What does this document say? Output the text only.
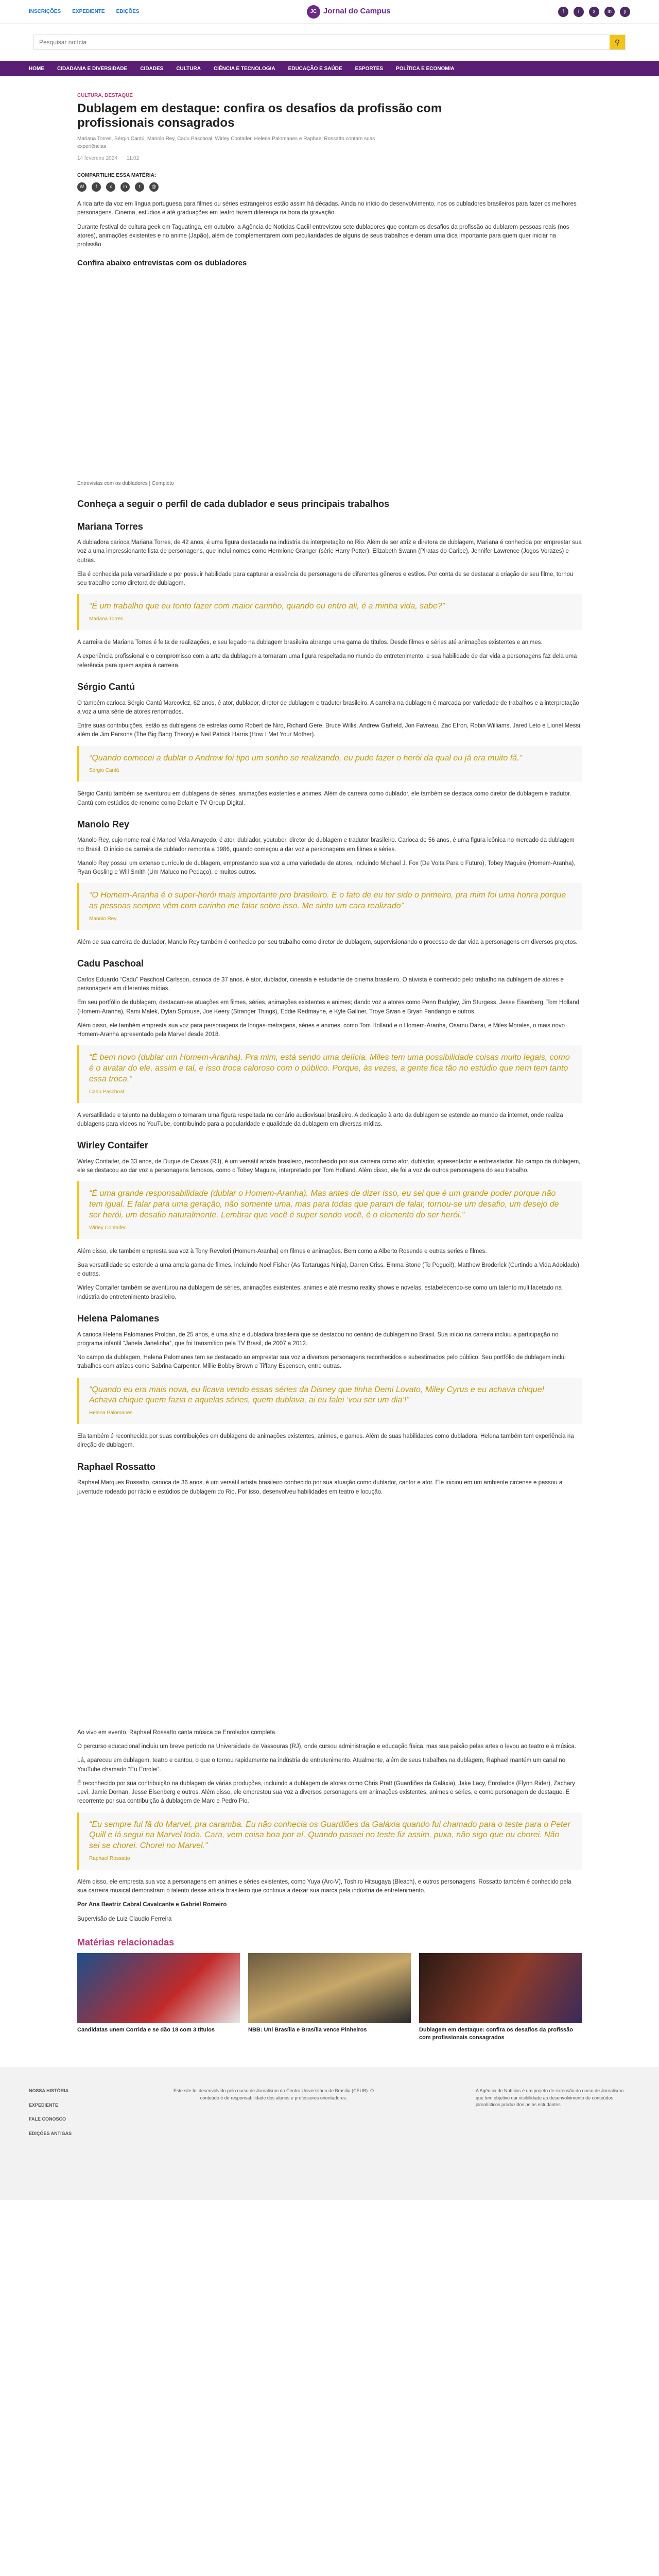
INSCRIÇÕES EXPEDIENTE EDIÇÕES	JC Jornal do Campus	f	i	x	in	y
Pesquisar notícia
⚲
HOME	CIDADANIA E DIVERSIDADE	CIDADES	CULTURA	CIÊNCIA E TECNOLOGIA	EDUCAÇÃO E SAÚDE	ESPORTES	POLÍTICA E ECONOMIA
CULTURA, DESTAQUE
Dublagem em destaque: confira os desafios da profissão com profissionais consagrados
Mariana Torres, Sérgio Cantú, Manolo Rey, Cadu Paschoal, Wirley Contaifer, Helena Palomanes e Raphael Rossatto contam suas experiências
14 fevereiro 2024 11:02
COMPARTILHE ESSA MATÉRIA:
W	f	x	in	t	@

A rica arte da voz em língua portuguesa para filmes ou séries estrangeiros estão assim há décadas. Ainda no início do desenvolvimento, nos os dubladores brasileiros para fazer os melhores personagens. Cinema, estúdios e até graduações em teatro fazem diferença na hora da gravação.

Durante festival de cultura geek em Taguatinga, em outubro, a Agência de Notícias Caciil entrevistou sete dubladores que contam os desafios da profissão ao dublarem pessoas reais (nos atores), animações existentes e no anime (Japão), além de complementarem com peculiaridades de alguns de seus trabalhos e deram uma dica importante para quem quer iniciar na profissão.

Confira abaixo entrevistas com os dubladores
Entrevistas com os dubladores | Completo
Conheça a seguir o perfil de cada dublador e seus principais trabalhos
Mariana Torres

A dubladora carioca Mariana Torres, de 42 anos, é uma figura destacada na indústria da interpretação no Rio. Além de ser atriz e diretora de dublagem, Mariana é conhecida por emprestar sua voz a uma impressionante lista de personagens, que inclui nomes como Hermione Granger (série Harry Potter), Elizabeth Swann (Piratas do Caribe), Jennifer Lawrence (Jogos Vorazes) e outras.

Ela é conhecida pela versatilidade e por possuir habilidade para capturar a essência de personagens de diferentes gêneros e estilos. Por conta de se destacar a criação de seu filme, tornou seu trabalho como diretora de dublagem.

“É um trabalho que eu tento fazer com maior carinho, quando eu entro ali, é a minha vida, sabe?”
Mariana Torres

A carreira de Mariana Torres é feita de realizações, e seu legado na dublagem brasileira abrange uma gama de títulos. Desde filmes e séries até animações existentes e animes.

A experiência profissional e o compromisso com a arte da dublagem a tornaram uma figura respeitada no mundo do entretenimento, e sua habilidade de dar vida a personagens faz dela uma referência para quem aspira à carreira.

Sérgio Cantú

O também carioca Sérgio Cantú Marcovicz, 62 anos, é ator, dublador, diretor de dublagem e tradutor brasileiro. A carreira na dublagem é marcada por variedade de trabalhos e a interpretação a voz a uma série de atores renomados.

Entre suas contribuições, estão as dublagens de estrelas como Robert de Niro, Richard Gere, Bruce Willis, Andrew Garfield, Jon Favreau, Zac Efron, Robin Williams, Jared Leto e Lionel Messi, além de Jim Parsons (The Big Bang Theory) e Neil Patrick Harris (How I Met Your Mother).

“Quando comecei a dublar o Andrew foi tipo um sonho se realizando, eu pude fazer o herói da qual eu já era muito fã.”
Sérgio Cantú

Sérgio Cantú também se aventurou em dublagens de séries, animações existentes e animes. Além de carreira como dublador, ele também se destaca como diretor de dublagem e tradutor. Cantú com estúdios de renome como Delart e TV Group Digital.

Manolo Rey

Manolo Rey, cujo nome real é Manoel Vela Amayedo, é ator, dublador, youtuber, diretor de dublagem e tradutor brasileiro. Carioca de 56 anos, é uma figura icônica no mercado da dublagem no Brasil. O início da carreira de dublador remonta a 1986, quando começou a dar voz a personagens em filmes e séries.

Manolo Rey possui um extenso currículo de dublagem, emprestando sua voz a uma variedade de atores, incluindo Michael J. Fox (De Volta Para o Futuro), Tobey Maguire (Homem-Aranha), Ryan Gosling e Will Smith (Um Maluco no Pedaço), e muitos outros.

“O Homem-Aranha é o super-herói mais importante pro brasileiro. E o fato de eu ter sido o primeiro, pra mim foi uma honra porque as pessoas sempre vêm com carinho me falar sobre isso. Me sinto um cara realizado”
Manolo Rey

Além de sua carreira de dublador, Manolo Rey também é conhecido por seu trabalho como diretor de dublagem, supervisionando o processo de dar vida a personagens em diversos projetos.

Cadu Paschoal

Carlos Eduardo “Cadu” Paschoal Carlsson, carioca de 37 anos, é ator, dublador, cineasta e estudante de cinema brasileiro. O ativista é conhecido pelo trabalho na dublagem de atores e personagens em diferentes mídias.

Em seu portfólio de dublagem, destacam-se atuações em filmes, séries, animações existentes e animes; dando voz a atores como Penn Badgley, Jim Sturgess, Jesse Eisenberg, Tom Holland (Homem-Aranha), Rami Malek, Dylan Sprouse, Joe Keery (Stranger Things), Eddie Redmayne, e Kyle Gallner, Troye Sivan e Bryan Fandango e outros.

Além disso, ele também empresta sua voz para personagens de longas-metragens, séries e animes, como Tom Holland e o Homem-Aranha, Osamu Dazai, e Miles Morales, o mais novo Homem-Aranha apresentado pela Marvel desde 2018.

“É bem novo (dublar um Homem-Aranha). Pra mim, está sendo uma delícia. Miles tem uma possibilidade coisas muito legais, como é o avatar do ele, assim e tal, e isso troca caloroso com o público. Porque, às vezes, a gente fica tão no estúdio que nem tem tanto essa troca.”
Cadu Paschoal

A versatilidade e talento na dublagem o tornaram uma figura respeitada no cenário audiovisual brasileiro. A dedicação à arte da dublagem se estende ao mundo da internet, onde realiza dublagens para vídeos no YouTube, contribuindo para a popularidade e qualidade da dublagem em diversas mídias.

Wirley Contaifer

Wirley Contaifer, de 33 anos, de Duque de Caxias (RJ), é um versátil artista brasileiro, reconhecido por sua carreira como ator, dublador, apresentador e entrevistador. No campo da dublagem, ele se destacou ao dar voz a personagens famosos, como o Tobey Maguire, interpretado por Tom Holland. Além disso, ele foi a voz de outros personagens do seu trabalho.

“É uma grande responsabilidade (dublar o Homem-Aranha). Mas antes de dizer isso, eu sei que é um grande poder porque não tem igual. E falar para uma geração, não somente uma, mas para todas que param de falar, tornou-se um desafio, um desejo de ser herói, um desafio naturalmente. Lembrar que você é super sendo você, é o elemento do ser herói.”
Wirley Contaifer

Além disso, ele também empresta sua voz à Tony Revolori (Homem-Aranha) em filmes e animações. Bem como a Alberto Rosende e outras series e filmes.

Sua versatilidade se estende a uma ampla gama de filmes, incluindo Noel Fisher (As Tartarugas Ninja), Darren Criss, Emma Stone (Te Peguei!), Matthew Broderick (Curtindo a Vida Adoidado) e outras.

Wirley Contaifer também se aventurou na dublagem de séries, animações existentes, animes e até mesmo reality shows e novelas, estabelecendo-se como um talento multifacetado na indústria do entretenimento brasileiro.

Helena Palomanes

A carioca Helena Palomanes Proldan, de 25 anos, é uma atriz e dubladora brasileira que se destacou no cenário de dublagem no Brasil. Sua início na carreira incluiu a participação no programa infantil “Janela Janelinha”, que foi transmitido pela TV Brasil, de 2007 a 2012.

No campo da dublagem, Helena Palomanes tem se destacado ao emprestar sua voz a diversos personagens reconhecidos e subestimados pelo público. Seu portfólio de dublagem inclui trabalhos com atrizes como Sabrina Carpenter, Millie Bobby Brown e Tiffany Espensen, entre outras.

“Quando eu era mais nova, eu ficava vendo essas séries da Disney que tinha Demi Lovato, Miley Cyrus e eu achava chique! Achava chique quem fazia e aquelas séries, quem dublava, ai eu falei ‘vou ser um dia’!”
Helena Palomanes

Ela também é reconhecida por suas contribuições em dublagens de animações existentes, animes, e games. Além de suas habilidades como dubladora, Helena também tem experiência na direção de dublagem.

Raphael Rossatto

Raphael Marques Rossatto, carioca de 36 anos, é um versátil artista brasileiro conhecido por sua atuação como dublador, cantor e ator. Ele iniciou em um ambiente circense e passou a juventude rodeado por rádio e estúdios de dublagem do Rio. Por isso, desenvolveu habilidades em teatro e locução.

Ao vivo em evento, Raphael Rossatto canta música de Enrolados completa.

O percurso educacional incluiu um breve período na Universidade de Vassouras (RJ), onde cursou administração e educação física, mas sua paixão pelas artes o levou ao teatro e à música.

Lá, apareceu em dublagem, teatro e cantou, o que o tornou rapidamente na indústria de entretenimento. Atualmente, além de seus trabalhos na dublagem, Raphael mantém um canal no YouTube chamado “Eu Enrolei”.

É reconhecido por sua contribuição na dublagem de várias produções, incluindo a dublagem de atores como Chris Pratt (Guardiões da Galáxia), Jake Lacy, Enrolados (Flynn Rider), Zachary Levi, Jamie Dornan, Jesse Eisenberg e outros. Além disso, ele emprestou sua voz a diversos personagens em animações existentes, animes e séries, e como personagem de destaque. É recorrente por sua contribuição à dublagem de Marc e Pedro Pio.

“Eu sempre fui fã do Marvel, pra caramba. Eu não conhecia os Guardiões da Galáxia quando fui chamado para o teste para o Peter Quill e lá segui na Marvel toda. Cara, vem coisa boa por aí. Quando passei no teste fiz assim, puxa, não sigo que ou chorei. Não sei se chorei. Chorei no Marvel.”
Raphael Rossatto

Além disso, ele empresta sua voz a personagens em animes e séries existentes, como Yuya (Arc-V), Toshiro Hitsugaya (Bleach), e outros personagens. Rossatto também é conhecido pela sua carreira musical demonstram o talento desse artista brasileiro que continua a deixar sua marca pela indústria de entretenimento.

Por Ana Beatriz Cabral Cavalcante e Gabriel Romeiro

Supervisão de Luiz Claudio Ferreira

Matérias relacionadas
Candidatas unem Corrida e se dão 18 com 3 títulos	NBB: Uni Brasília e Brasília vence Pinheiros	Dublagem em destaque: confira os desafios da profissão com profissionais consagrados
NOSSA HISTÓRIA
EXPEDIENTE
FALE CONOSCO
EDIÇÕES ANTIGAS
Este site foi desenvolvido pelo curso de Jornalismo do Centro Universitário de Brasília (CEUB). O conteúdo é de responsabilidade dos alunos e professores orientadores.
A Agência de Notícias é um projeto de extensão do curso de Jornalismo que tem objetivo dar visibilidade ao desenvolvimento de conteúdos jornalísticos produzidos pelos estudantes.
